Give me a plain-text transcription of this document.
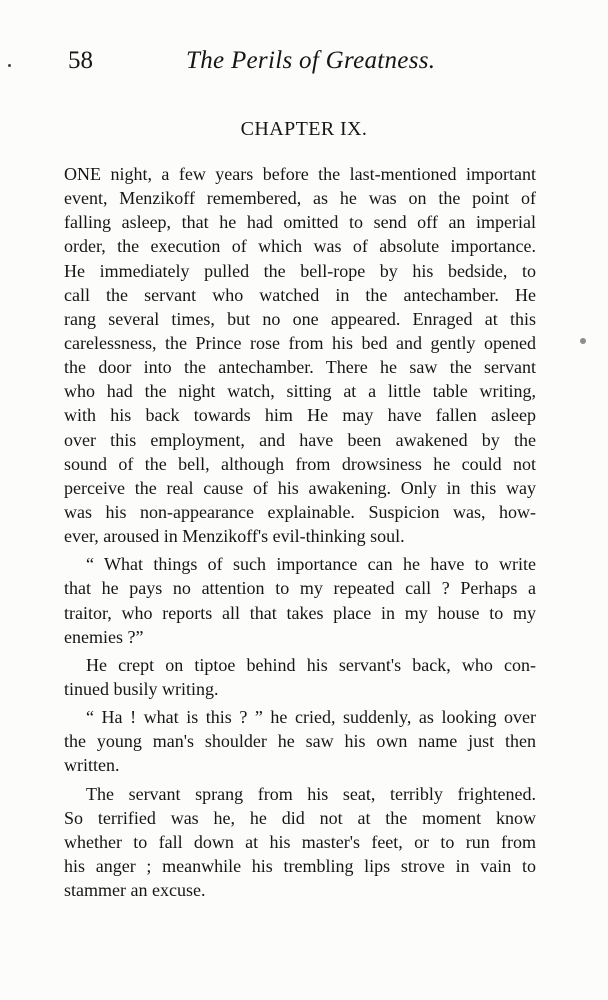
58	The Perils of Greatness.
CHAPTER IX.
ONE night, a few years before the last-mentioned important
event, Menzikoff remembered, as he was on the point of
falling asleep, that he had omitted to send off an imperial
order, the execution of which was of absolute importance.
He immediately pulled the bell-rope by his bedside, to
call the servant who watched in the antechamber. He
rang several times, but no one appeared. Enraged at this
carelessness, the Prince rose from his bed and gently opened
the door into the antechamber. There he saw the servant
who had the night watch, sitting at a little table writing,
with his back towards him He may have fallen asleep
over this employment, and have been awakened by the
sound of the bell, although from drowsiness he could not
perceive the real cause of his awakening. Only in this way
was his non-appearance explainable. Suspicion was, how-
ever, aroused in Menzikoff's evil-thinking soul.
“ What things of such importance can he have to write
that he pays no attention to my repeated call ? Perhaps a
traitor, who reports all that takes place in my house to my
enemies ?”
He crept on tiptoe behind his servant's back, who con-
tinued busily writing.
“ Ha ! what is this ? ” he cried, suddenly, as looking over
the young man's shoulder he saw his own name just then
written.
The servant sprang from his seat, terribly frightened.
So terrified was he, he did not at the moment know
whether to fall down at his master's feet, or to run from
his anger ; meanwhile his trembling lips strove in vain to
stammer an excuse.
